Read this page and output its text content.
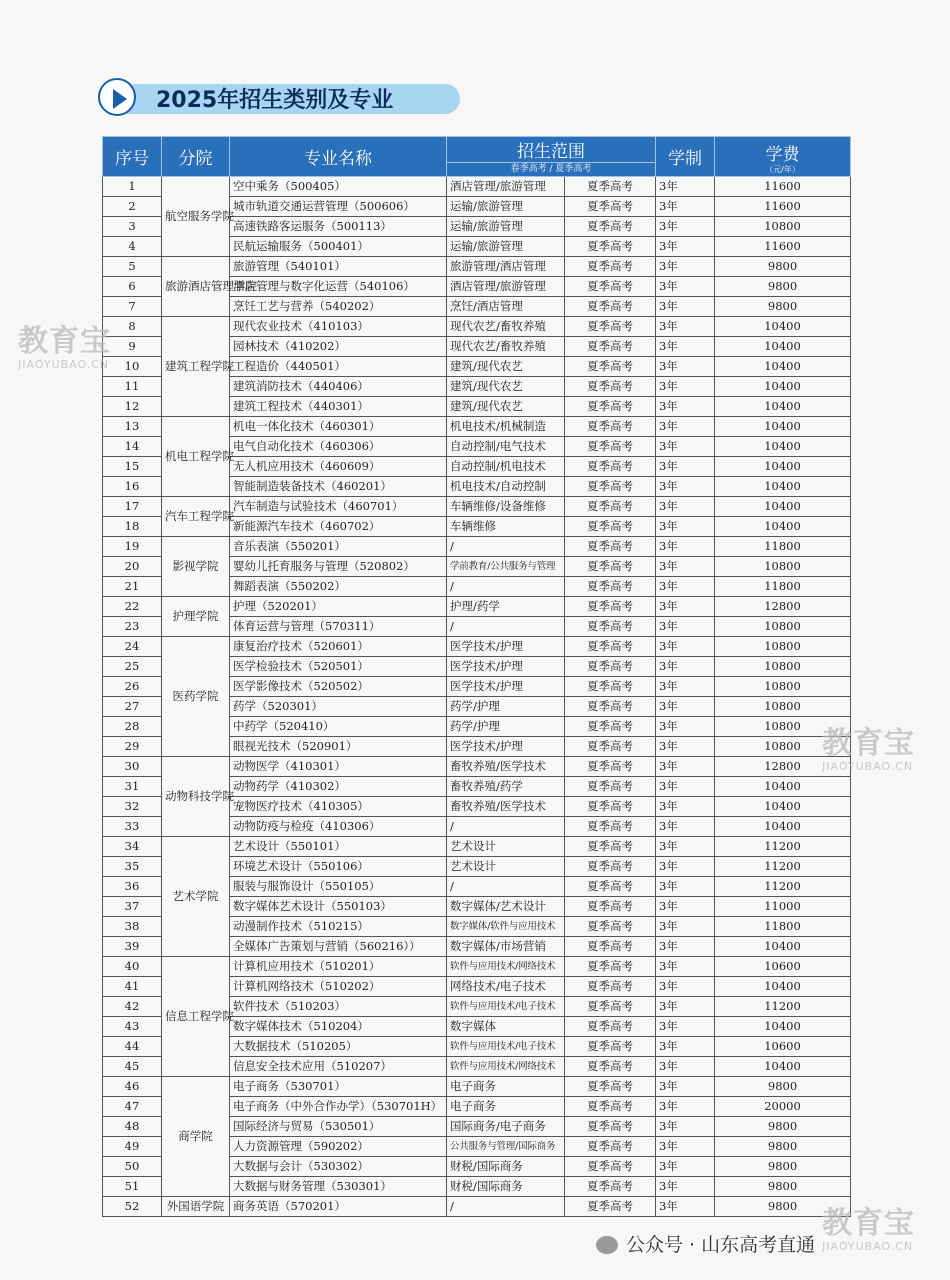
2025年招生类别及专业
序号	分院	专业名称	招生范围
春季高考 / 夏季高考		学制	学费
（元/年）

1	航空服务学院	空中乘务（500405）	酒店管理/旅游管理	夏季高考	3年	11600
2		城市轨道交通运营管理（500606）	运输/旅游管理	夏季高考	3年	11600
3		高速铁路客运服务（500113）	运输/旅游管理	夏季高考	3年	10800
4		民航运输服务（500401）	运输/旅游管理	夏季高考	3年	11600
5	旅游酒店管理学院	旅游管理（540101）	旅游管理/酒店管理	夏季高考	3年	9800
6		酒店管理与数字化运营（540106）	酒店管理/旅游管理	夏季高考	3年	9800
7		烹饪工艺与营养（540202）	烹饪/酒店管理	夏季高考	3年	9800
8	建筑工程学院	现代农业技术（410103）	现代农艺/畜牧养殖	夏季高考	3年	10400
9		园林技术（410202）	现代农艺/畜牧养殖	夏季高考	3年	10400
10		工程造价（440501）	建筑/现代农艺	夏季高考	3年	10400
11		建筑消防技术（440406）	建筑/现代农艺	夏季高考	3年	10400
12		建筑工程技术（440301）	建筑/现代农艺	夏季高考	3年	10400
13	机电工程学院	机电一体化技术（460301）	机电技术/机械制造	夏季高考	3年	10400
14		电气自动化技术（460306）	自动控制/电气技术	夏季高考	3年	10400
15		无人机应用技术（460609）	自动控制/机电技术	夏季高考	3年	10400
16		智能制造装备技术（460201）	机电技术/自动控制	夏季高考	3年	10400
17	汽车工程学院	汽车制造与试验技术（460701）	车辆维修/设备维修	夏季高考	3年	10400
18		新能源汽车技术（460702）	车辆维修	夏季高考	3年	10400
19	影视学院	音乐表演（550201）	/	夏季高考	3年	11800
20		婴幼儿托育服务与管理（520802）	学前教育/公共服务与管理	夏季高考	3年	10800
21		舞蹈表演（550202）	/	夏季高考	3年	11800
22	护理学院	护理（520201）	护理/药学	夏季高考	3年	12800
23		体育运营与管理（570311）	/	夏季高考	3年	10800
24	医药学院	康复治疗技术（520601）	医学技术/护理	夏季高考	3年	10800
25		医学检验技术（520501）	医学技术/护理	夏季高考	3年	10800
26		医学影像技术（520502）	医学技术/护理	夏季高考	3年	10800
27		药学（520301）	药学/护理	夏季高考	3年	10800
28		中药学（520410）	药学/护理	夏季高考	3年	10800
29		眼视光技术（520901）	医学技术/护理	夏季高考	3年	10800
30	动物科技学院	动物医学（410301）	畜牧养殖/医学技术	夏季高考	3年	12800
31		动物药学（410302）	畜牧养殖/药学	夏季高考	3年	10400
32		宠物医疗技术（410305）	畜牧养殖/医学技术	夏季高考	3年	10400
33		动物防疫与检疫（410306）	/	夏季高考	3年	10400
34	艺术学院	艺术设计（550101）	艺术设计	夏季高考	3年	11200
35		环境艺术设计（550106）	艺术设计	夏季高考	3年	11200
36		服装与服饰设计（550105）	/	夏季高考	3年	11200
37		数字媒体艺术设计（550103）	数字媒体/艺术设计	夏季高考	3年	11000
38		动漫制作技术（510215）	数字媒体/软件与应用技术	夏季高考	3年	11800
39		全媒体广告策划与营销（560216））	数字媒体/市场营销	夏季高考	3年	10400
40	信息工程学院	计算机应用技术（510201）	软件与应用技术/网络技术	夏季高考	3年	10600
41		计算机网络技术（510202）	网络技术/电子技术	夏季高考	3年	10400
42		软件技术（510203）	软件与应用技术/电子技术	夏季高考	3年	11200
43		数字媒体技术（510204）	数字媒体	夏季高考	3年	10400
44		大数据技术（510205）	软件与应用技术/电子技术	夏季高考	3年	10600
45		信息安全技术应用（510207）	软件与应用技术/网络技术	夏季高考	3年	10400
46	商学院	电子商务（530701）	电子商务	夏季高考	3年	9800
47		电子商务（中外合作办学）（530701H）	电子商务	夏季高考	3年	20000
48		国际经济与贸易（530501）	国际商务/电子商务	夏季高考	3年	9800
49		人力资源管理（590202）	公共服务与管理/国际商务	夏季高考	3年	9800
50		大数据与会计（530302）	财税/国际商务	夏季高考	3年	9800
51		大数据与财务管理（530301）	财税/国际商务	夏季高考	3年	9800
52	外国语学院	商务英语（570201）	/	夏季高考	3年	9800
教育宝
JIAOYUBAO.CN
教育宝
JIAOYUBAO.CN
教育宝
JIAOYUBAO.CN
公众号 · 山东高考直通
